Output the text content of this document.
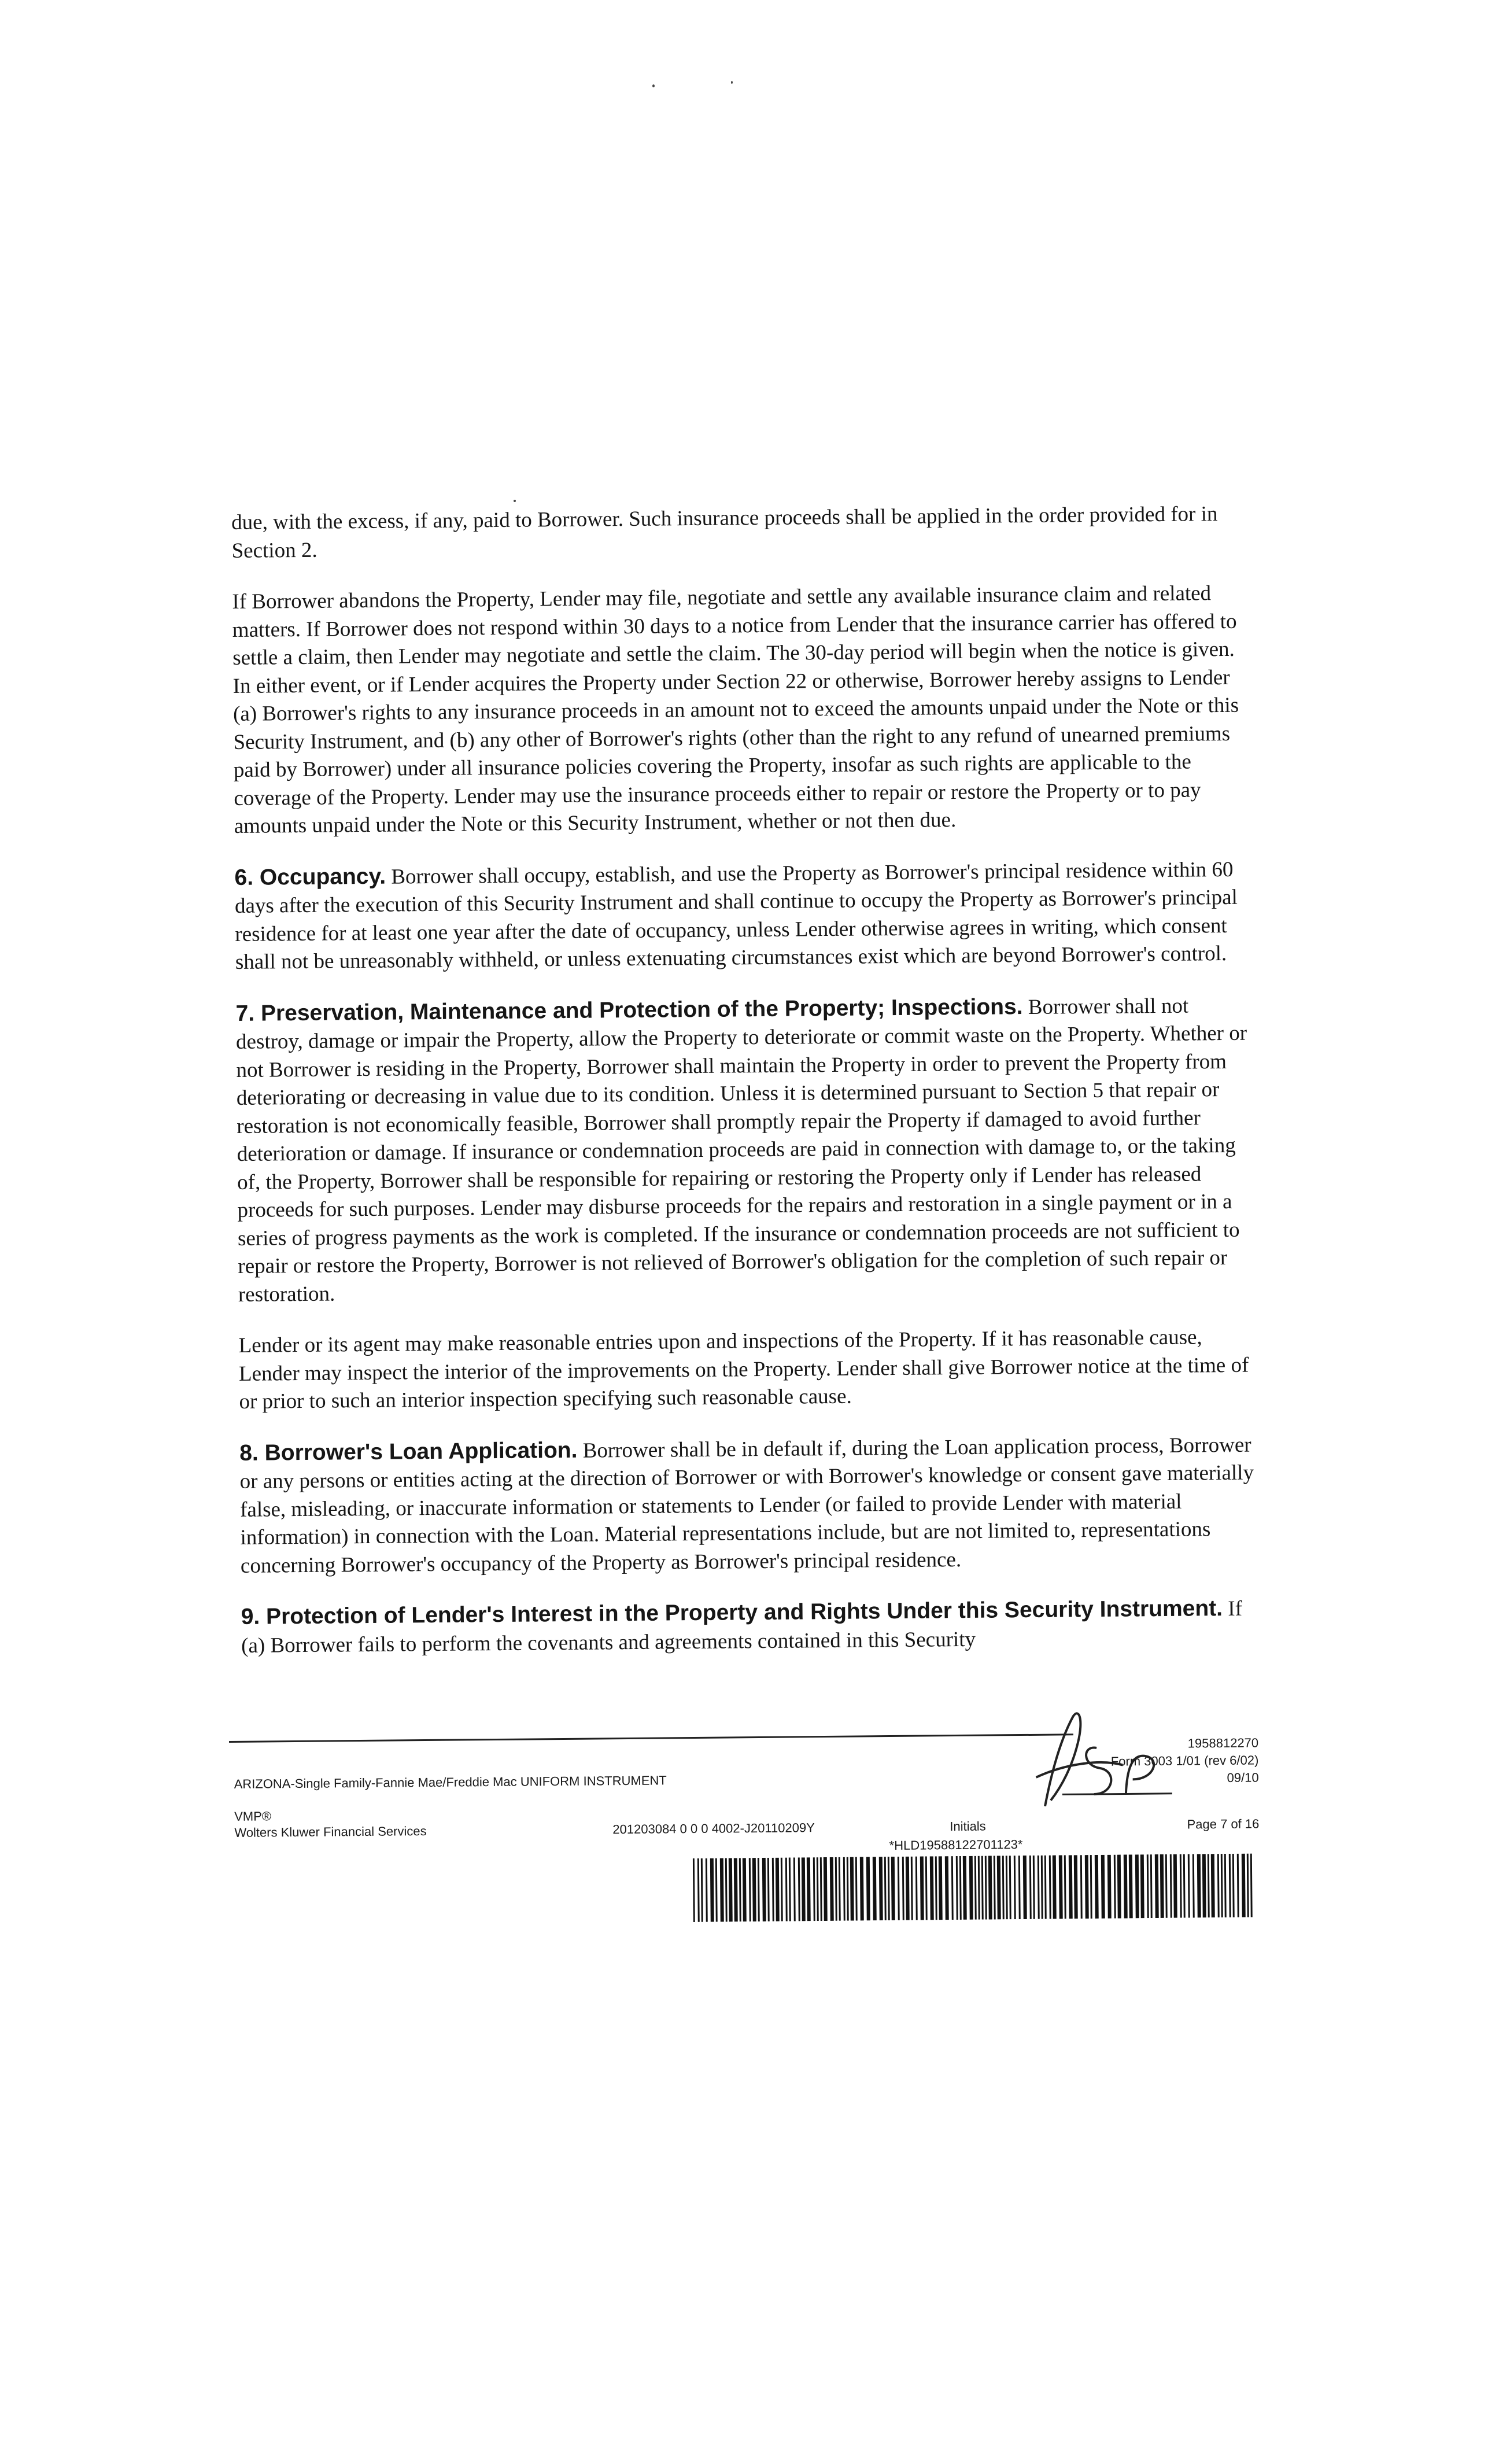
due, with the excess, if any, paid to Borrower. Such insurance proceeds shall be applied in the order provided for in Section 2.

If Borrower abandons the Property, Lender may file, negotiate and settle any available insurance claim and related matters. If Borrower does not respond within 30 days to a notice from Lender that the insurance carrier has offered to settle a claim, then Lender may negotiate and settle the claim. The 30-day period will begin when the notice is given. In either event, or if Lender acquires the Property under Section 22 or otherwise, Borrower hereby assigns to Lender (a) Borrower's rights to any insurance proceeds in an amount not to exceed the amounts unpaid under the Note or this Security Instrument, and (b) any other of Borrower's rights (other than the right to any refund of unearned premiums paid by Borrower) under all insurance policies covering the Property, insofar as such rights are applicable to the coverage of the Property. Lender may use the insurance proceeds either to repair or restore the Property or to pay amounts unpaid under the Note or this Security Instrument, whether or not then due.

6. Occupancy. Borrower shall occupy, establish, and use the Property as Borrower's principal residence within 60 days after the execution of this Security Instrument and shall continue to occupy the Property as Borrower's principal residence for at least one year after the date of occupancy, unless Lender otherwise agrees in writing, which consent shall not be unreasonably withheld, or unless extenuating circumstances exist which are beyond Borrower's control.

7. Preservation, Maintenance and Protection of the Property; Inspections. Borrower shall not destroy, damage or impair the Property, allow the Property to deteriorate or commit waste on the Property. Whether or not Borrower is residing in the Property, Borrower shall maintain the Property in order to prevent the Property from deteriorating or decreasing in value due to its condition. Unless it is determined pursuant to Section 5 that repair or restoration is not economically feasible, Borrower shall promptly repair the Property if damaged to avoid further deterioration or damage. If insurance or condemnation proceeds are paid in connection with damage to, or the taking of, the Property, Borrower shall be responsible for repairing or restoring the Property only if Lender has released proceeds for such purposes. Lender may disburse proceeds for the repairs and restoration in a single payment or in a series of progress payments as the work is completed. If the insurance or condemnation proceeds are not sufficient to repair or restore the Property, Borrower is not relieved of Borrower's obligation for the completion of such repair or restoration.

Lender or its agent may make reasonable entries upon and inspections of the Property. If it has reasonable cause, Lender may inspect the interior of the improvements on the Property. Lender shall give Borrower notice at the time of or prior to such an interior inspection specifying such reasonable cause.

8. Borrower's Loan Application. Borrower shall be in default if, during the Loan application process, Borrower or any persons or entities acting at the direction of Borrower or with Borrower's knowledge or consent gave materially false, misleading, or inaccurate information or statements to Lender (or failed to provide Lender with material information) in connection with the Loan. Material representations include, but are not limited to, representations concerning Borrower's occupancy of the Property as Borrower's principal residence.

9. Protection of Lender's Interest in the Property and Rights Under this Security Instrument. If (a) Borrower fails to perform the covenants and agreements contained in this Security

ARIZONA-Single Family-Fannie Mae/Freddie Mac UNIFORM INSTRUMENT
VMP®
Wolters Kluwer Financial Services	201203084 0 0 0 4002-J20110209Y
1958812270
Form 3003 1/01 (rev 6/02)
09/10
Initials	Page 7 of 16
*HLD19588122701123*
